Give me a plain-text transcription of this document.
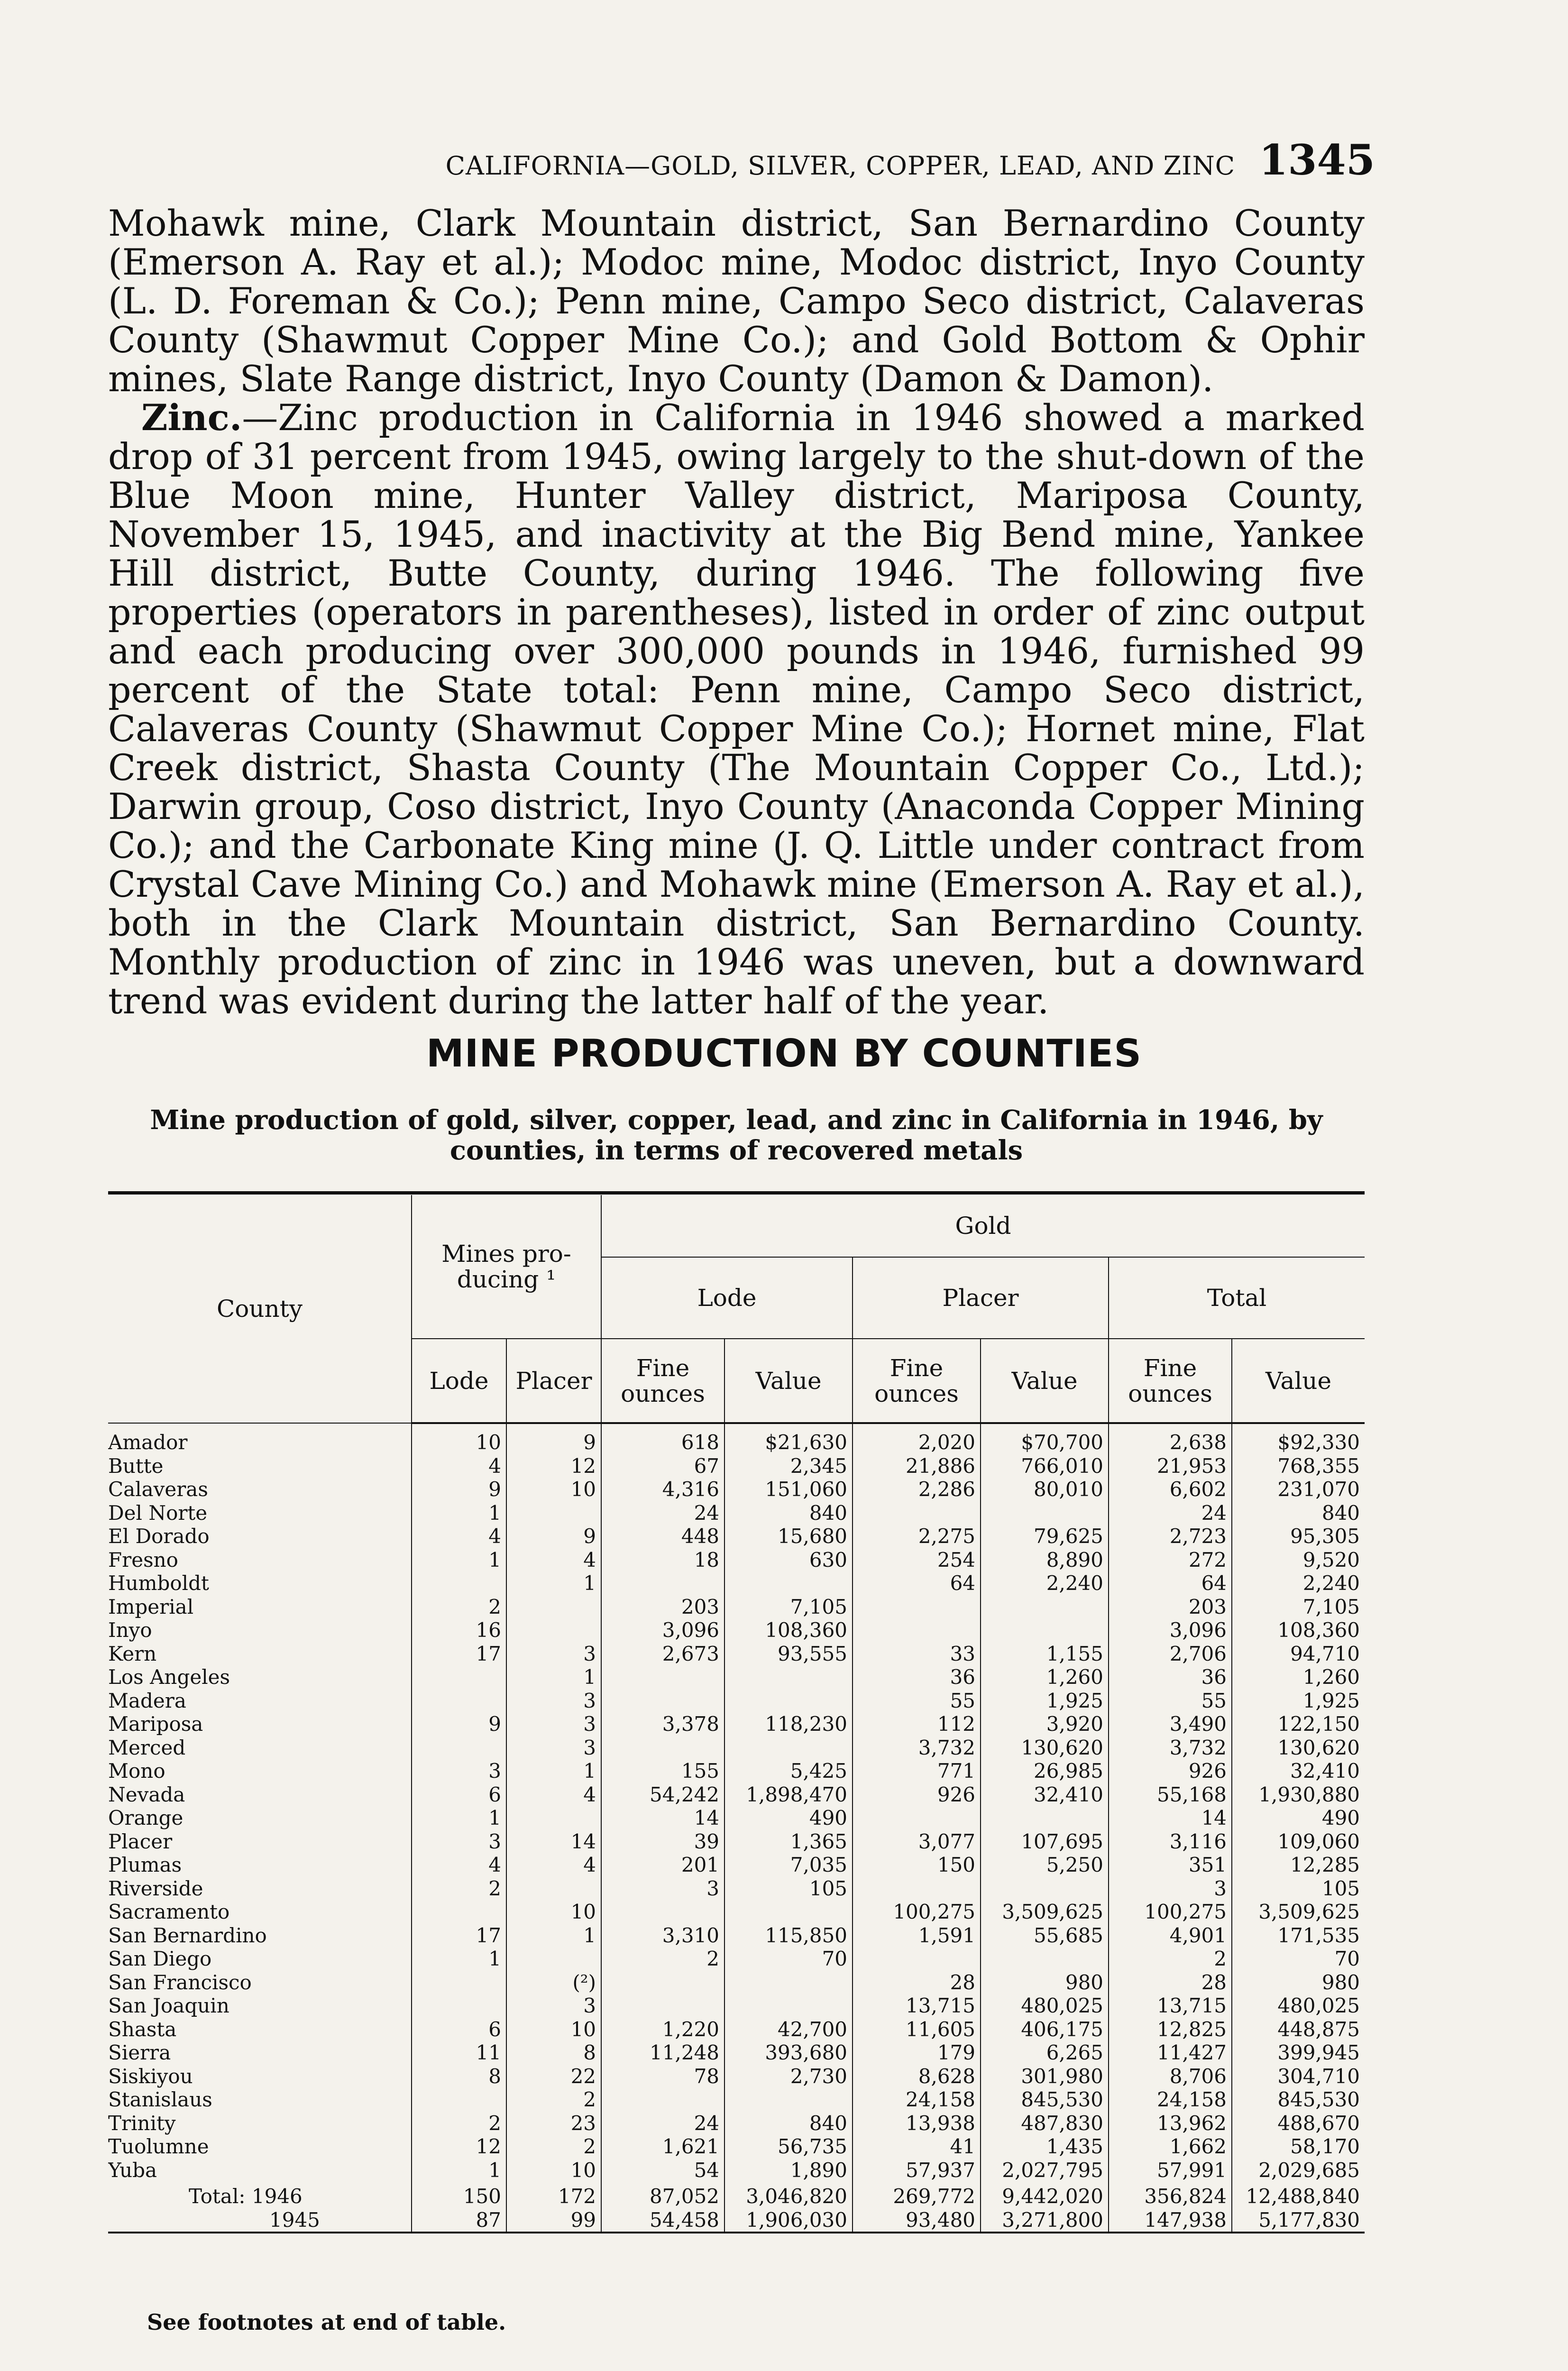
CALIFORNIA—GOLD, SILVER, COPPER, LEAD, AND ZINC 1345

Mohawk mine, Clark Mountain district, San Bernardino County (Emerson A. Ray et al.); Modoc mine, Modoc district, Inyo County (L. D. Foreman & Co.); Penn mine, Campo Seco district, Calaveras County (Shawmut Copper Mine Co.); and Gold Bottom & Ophir mines, Slate Range district, Inyo County (Damon & Damon).

Zinc.—Zinc production in California in 1946 showed a marked drop of 31 percent from 1945, owing largely to the shut-down of the Blue Moon mine, Hunter Valley district, Mariposa County, November 15, 1945, and inactivity at the Big Bend mine, Yankee Hill district, Butte County, during 1946. The following five properties (operators in parentheses), listed in order of zinc output and each producing over 300,000 pounds in 1946, furnished 99 percent of the State total: Penn mine, Campo Seco district, Calaveras County (Shawmut Copper Mine Co.); Hornet mine, Flat Creek district, Shasta County (The Mountain Copper Co., Ltd.); Darwin group, Coso district, Inyo County (Anaconda Copper Mining Co.); and the Carbonate King mine (J. Q. Little under contract from Crystal Cave Mining Co.) and Mohawk mine (Emerson A. Ray et al.), both in the Clark Mountain district, San Bernardino County. Monthly production of zinc in 1946 was uneven, but a downward trend was evident during the latter half of the year.

MINE PRODUCTION BY COUNTIES
Mine production of gold, silver, copper, lead, and zinc in California in 1946, by counties, in terms of recovered metals
County	Mines pro-ducing ¹		Gold					
			Lode		Placer		Total	
	Lode	Placer	Fine ounces	Value	Fine ounces	Value	Fine ounces	Value
Amador	10	9	618	$21,630	2,020	$70,700	2,638	$92,330
Butte	4	12	67	2,345	21,886	766,010	21,953	768,355
Calaveras	9	10	4,316	151,060	2,286	80,010	6,602	231,070
Del Norte	1		24	840			24	840
El Dorado	4	9	448	15,680	2,275	79,625	2,723	95,305
Fresno	1	4	18	630	254	8,890	272	9,520
Humboldt		1			64	2,240	64	2,240
Imperial	2		203	7,105			203	7,105
Inyo	16		3,096	108,360			3,096	108,360
Kern	17	3	2,673	93,555	33	1,155	2,706	94,710
Los Angeles		1			36	1,260	36	1,260
Madera		3			55	1,925	55	1,925
Mariposa	9	3	3,378	118,230	112	3,920	3,490	122,150
Merced		3			3,732	130,620	3,732	130,620
Mono	3	1	155	5,425	771	26,985	926	32,410
Nevada	6	4	54,242	1,898,470	926	32,410	55,168	1,930,880
Orange	1		14	490			14	490
Placer	3	14	39	1,365	3,077	107,695	3,116	109,060
Plumas	4	4	201	7,035	150	5,250	351	12,285
Riverside	2		3	105			3	105
Sacramento		10			100,275	3,509,625	100,275	3,509,625
San Bernardino	17	1	3,310	115,850	1,591	55,685	4,901	171,535
San Diego	1		2	70			2	70
San Francisco		(²)			28	980	28	980
San Joaquin		3			13,715	480,025	13,715	480,025
Shasta	6	10	1,220	42,700	11,605	406,175	12,825	448,875
Sierra	11	8	11,248	393,680	179	6,265	11,427	399,945
Siskiyou	8	22	78	2,730	8,628	301,980	8,706	304,710
Stanislaus		2			24,158	845,530	24,158	845,530
Trinity	2	23	24	840	13,938	487,830	13,962	488,670
Tuolumne	12	2	1,621	56,735	41	1,435	1,662	58,170
Yuba	1	10	54	1,890	57,937	2,027,795	57,991	2,029,685
Total: 1946	150	172	87,052	3,046,820	269,772	9,442,020	356,824	12,488,840
1945	87	99	54,458	1,906,030	93,480	3,271,800	147,938	5,177,830

See footnotes at end of table.
